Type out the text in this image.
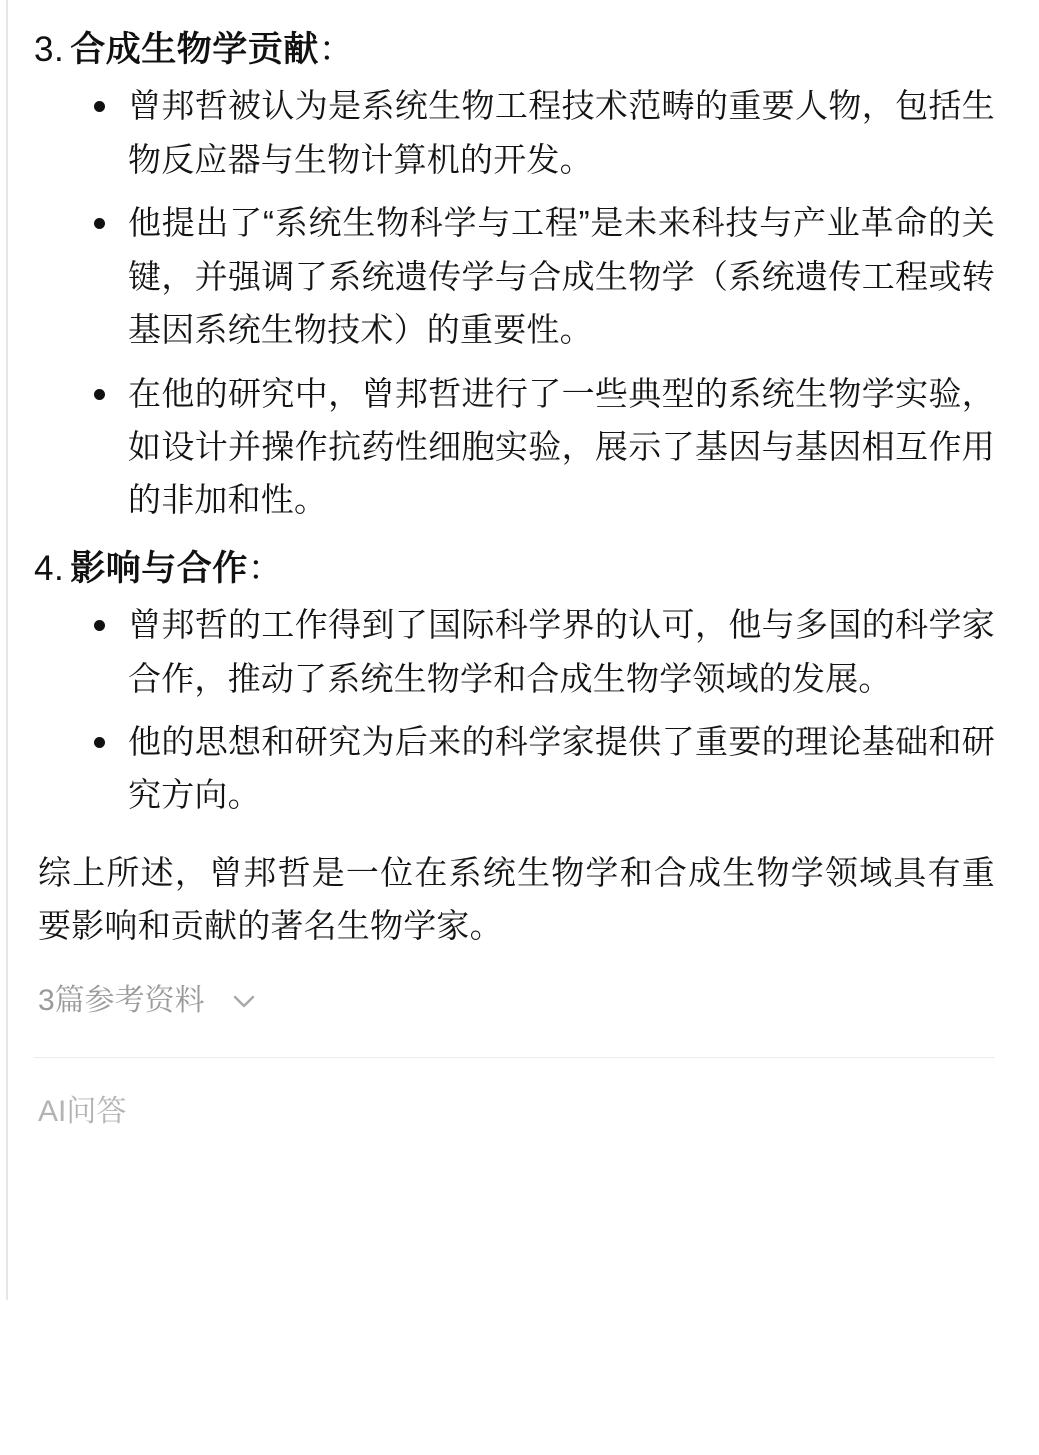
3. 合成生物学贡献：
曾邦哲被认为是系统生物工程技术范畴的重要人物，包括生物反应器与生物计算机的开发。
他提出了“系统生物科学与工程”是未来科技与产业革命的关键，并强调了系统遗传学与合成生物学（系统遗传工程或转基因系统生物技术）的重要性。
在他的研究中，曾邦哲进行了一些典型的系统生物学实验，如设计并操作抗药性细胞实验，展示了基因与基因相互作用的非加和性。
4. 影响与合作：
曾邦哲的工作得到了国际科学界的认可，他与多国的科学家合作，推动了系统生物学和合成生物学领域的发展。
他的思想和研究为后来的科学家提供了重要的理论基础和研究方向。

综上所述，曾邦哲是一位在系统生物学和合成生物学领域具有重要影响和贡献的著名生物学家。

3篇参考资料
AI问答
